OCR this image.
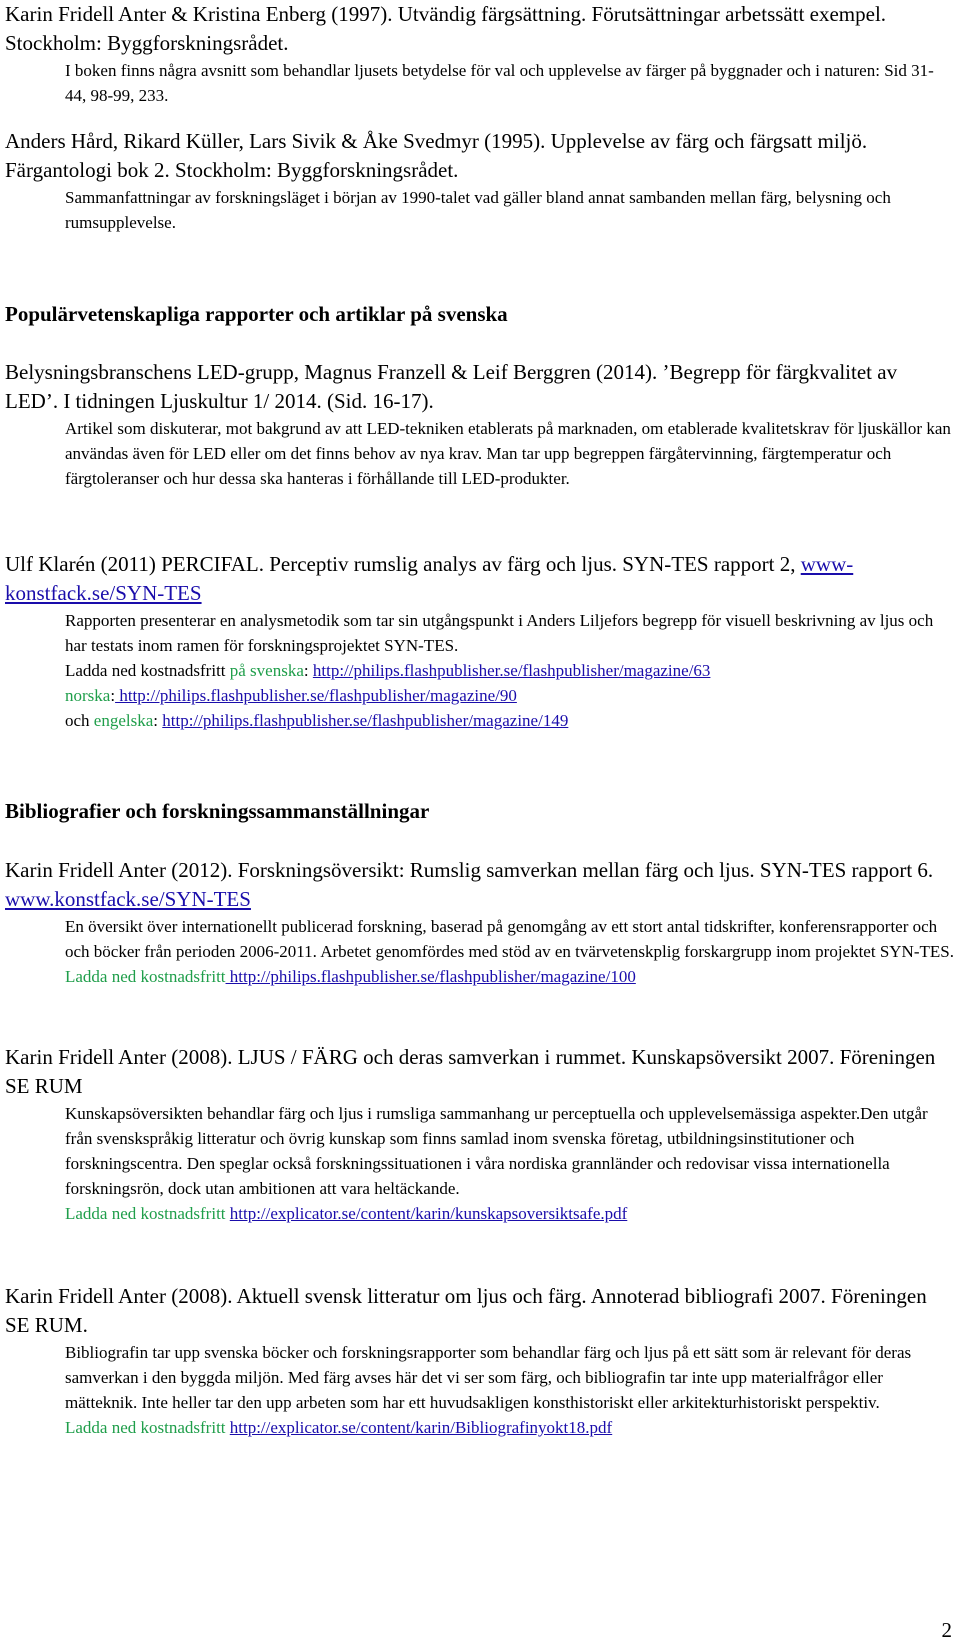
Karin Fridell Anter & Kristina Enberg (1997). Utvändig färgsättning. Förutsättningar arbetssätt exempel. Stockholm: Byggforskningsrådet.

I boken finns några avsnitt som behandlar ljusets betydelse för val och upplevelse av färger på byggnader och i naturen: Sid 31-44, 98-99, 233.

Anders Hård, Rikard Küller, Lars Sivik & Åke Svedmyr (1995). Upplevelse av färg och färgsatt miljö. Färgantologi bok 2. Stockholm: Byggforskningsrådet.

Sammanfattningar av forskningsläget i början av 1990-talet vad gäller bland annat sambanden mellan färg, belysning och rumsupplevelse.

Populärvetenskapliga rapporter och artiklar på svenska

Belysningsbranschens LED-grupp, Magnus Franzell & Leif Berggren (2014). ’Begrepp för färgkvalitet av LED’. I tidningen Ljuskultur 1/ 2014. (Sid. 16-17).

Artikel som diskuterar, mot bakgrund av att LED-tekniken etablerats på marknaden, om etablerade kvalitetskrav för ljuskällor kan användas även för LED eller om det finns behov av nya krav. Man tar upp begreppen färgåtervinning, färgtemperatur och färgtoleranser och hur dessa ska hanteras i förhållande till LED-produkter.

Ulf Klarén (2011) PERCIFAL. Perceptiv rumslig analys av färg och ljus. SYN-TES rapport 2, www-konstfack.se/SYN-TES

Rapporten presenterar en analysmetodik som tar sin utgångspunkt i Anders Liljefors begrepp för visuell beskrivning av ljus och har testats inom ramen för forskningsprojektet SYN-TES.

Ladda ned kostnadsfritt på svenska: http://philips.flashpublisher.se/flashpublisher/magazine/63

norska: http://philips.flashpublisher.se/flashpublisher/magazine/90

och engelska: http://philips.flashpublisher.se/flashpublisher/magazine/149

Bibliografier och forskningssammanställningar

Karin Fridell Anter (2012). Forskningsöversikt: Rumslig samverkan mellan färg och ljus. SYN-TES rapport 6. www.konstfack.se/SYN-TES

En översikt över internationellt publicerad forskning, baserad på genomgång av ett stort antal tidskrifter, konferensrapporter och och böcker från perioden 2006-2011. Arbetet genomfördes med stöd av en tvärvetenskplig forskargrupp inom projektet SYN-TES.

Ladda ned kostnadsfritt http://philips.flashpublisher.se/flashpublisher/magazine/100

Karin Fridell Anter (2008). LJUS / FÄRG och deras samverkan i rummet. Kunskapsöversikt 2007. Föreningen SE RUM

Kunskapsöversikten behandlar färg och ljus i rumsliga sammanhang ur perceptuella och upplevelsemässiga aspekter.Den utgår från svenskspråkig litteratur och övrig kunskap som finns samlad inom svenska företag, utbildningsinstitutioner och forskningscentra. Den speglar också forskningssituationen i våra nordiska grannländer och redovisar vissa internationella forskningsrön, dock utan ambitionen att vara heltäckande.

Ladda ned kostnadsfritt http://explicator.se/content/karin/kunskapsoversiktsafe.pdf

Karin Fridell Anter (2008). Aktuell svensk litteratur om ljus och färg. Annoterad bibliografi 2007. Föreningen SE RUM.

Bibliografin tar upp svenska böcker och forskningsrapporter som behandlar färg och ljus på ett sätt som är relevant för deras samverkan i den byggda miljön. Med färg avses här det vi ser som färg, och bibliografin tar inte upp materialfrågor eller mätteknik. Inte heller tar den upp arbeten som har ett huvudsakligen konsthistoriskt eller arkitekturhistoriskt perspektiv.

Ladda ned kostnadsfritt http://explicator.se/content/karin/Bibliografinyokt18.pdf

2
